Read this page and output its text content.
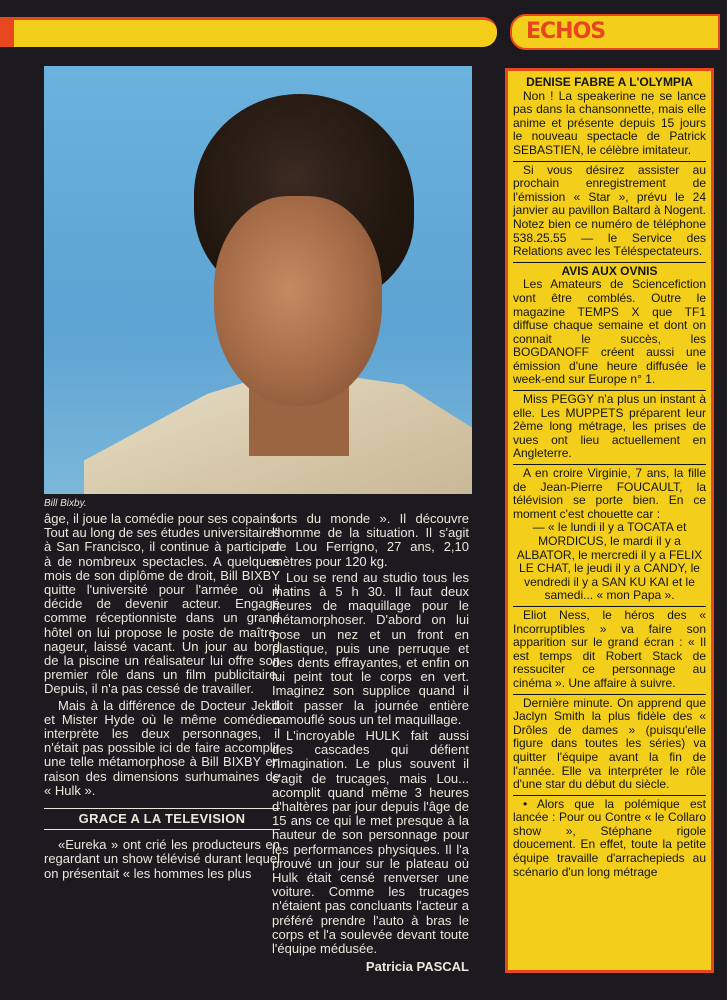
ECHOS
Bill Bixby.

âge, il joue la comédie pour ses copains. Tout au long de ses études universitaires à San Francisco, il continue à participer à de nombreux spectacles. A quelques mois de son diplôme de droit, Bill BIXBY quitte l'université pour l'armée où il décide de devenir acteur. Engagé comme réceptionniste dans un grand hôtel on lui propose le poste de maître-nageur, laissé vacant. Un jour au bord de la piscine un réalisateur lui offre son premier rôle dans un film publicitaire. Depuis, il n'a pas cessé de travailler.

Mais à la différence de Docteur Jekill et Mister Hyde où le même comédien interprète les deux personnages, il n'était pas possible ici de faire accomplir une telle métamorphose à Bill BIXBY en raison des dimensions surhumaines de « Hulk ».

GRACE A LA TELEVISION

«Eureka » ont crié les producteurs en regardant un show télévisé durant lequel on présentait « les hommes les plus

forts du monde ». Il découvre l'homme de la situation. Il s'agit de Lou Ferrigno, 27 ans, 2,10 mètres pour 120 kg.

Lou se rend au studio tous les matins à 5 h 30. Il faut deux heures de maquillage pour le métamorphoser. D'abord on lui pose un nez et un front en plastique, puis une perruque et des dents effrayantes, et enfin on lui peint tout le corps en vert. Imaginez son supplice quand il doit passer la journée entière camouflé sous un tel maquillage.

L'incroyable HULK fait aussi des cascades qui défient l'imagination. Le plus souvent il s'agit de trucages, mais Lou... acomplit quand même 3 heures d'haltères par jour depuis l'âge de 15 ans ce qui le met presque à la hauteur de son personnage pour les performances physiques. Il l'a prouvé un jour sur le plateau où Hulk était censé renverser une voiture. Comme les trucages n'étaient pas concluants l'acteur a préféré prendre l'auto à bras le corps et l'a soulevée devant toute l'équipe médusée.

Patricia PASCAL
DENISE FABRE A L'OLYMPIA

Non ! La speakerine ne se lance pas dans la chansonnette, mais elle anime et présente depuis 15 jours le nouveau spectacle de Patrick SEBASTIEN, le célèbre imitateur.

Si vous désirez assister au prochain enregistrement de l'émission « Star », prévu le 24 janvier au pavillon Baltard à Nogent. Notez bien ce numéro de téléphone 538.25.55 — le Service des Relations avec les Téléspectateurs.

AVIS AUX OVNIS

Les Amateurs de Sciencefiction vont être comblés. Outre le magazine TEMPS X que TF1 diffuse chaque semaine et dont on connait le succès, les BOGDANOFF créent aussi une émission d'une heure diffusée le week-end sur Europe n° 1.

Miss PEGGY n'a plus un instant à elle. Les MUPPETS préparent leur 2ème long métrage, les prises de vues ont lieu actuellement en Angleterre.

A en croire Virginie, 7 ans, la fille de Jean-Pierre FOUCAULT, la télévision se porte bien. En ce moment c'est chouette car :

— « le lundi il y a TOCATA et MORDICUS, le mardi il y a ALBATOR, le mercredi il y a FELIX LE CHAT, le jeudi il y a CANDY, le vendredi il y a SAN KU KAI et le samedi... « mon Papa ».

Eliot Ness, le héros des « Incorruptibles » va faire son apparition sur le grand écran : « Il est temps dit Robert Stack de ressuciter ce personnage au cinéma ». Une affaire à suivre.

Dernière minute. On apprend que Jaclyn Smith la plus fidèle des « Drôles de dames » (puisqu'elle figure dans toutes les séries) va quitter l'équipe avant la fin de l'année. Elle va interpréter le rôle d'une star du début du siècle.

• Alors que la polémique est lancée : Pour ou Contre « le Collaro show », Stéphane rigole doucement. En effet, toute la petite équipe travaille d'arrachepieds au scénario d'un long métrage
